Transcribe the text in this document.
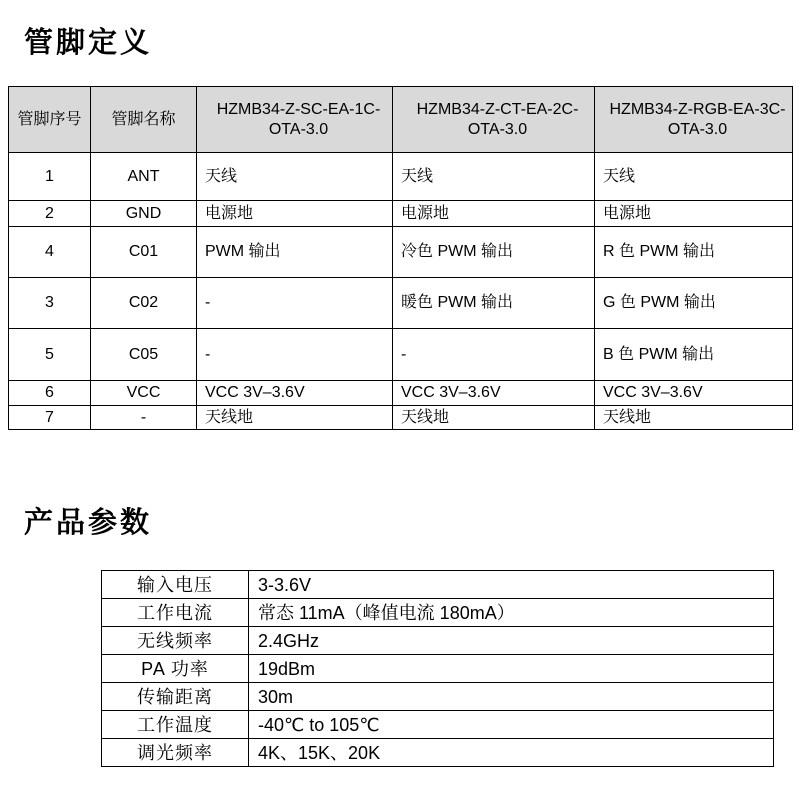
管脚定义
管脚序号	管脚名称	HZMB34-Z-SC-EA-1C-OTA-3.0	HZMB34-Z-CT-EA-2C-OTA-3.0	HZMB34-Z-RGB-EA-3C-OTA-3.0
1	ANT	天线	天线	天线
2	GND	电源地	电源地	电源地
4	C01	PWM 输出	冷色 PWM 输出	R 色 PWM 输出
3	C02	-	暖色 PWM 输出	G 色 PWM 输出
5	C05	-	-	B 色 PWM 输出
6	VCC	VCC 3V–3.6V	VCC 3V–3.6V	VCC 3V–3.6V
7	-	天线地	天线地	天线地
产品参数
输入电压	3-3.6V
工作电流	常态 11mA（峰值电流 180mA）
无线频率	2.4GHz
PA 功率	19dBm
传输距离	30m
工作温度	-40℃ to 105℃
调光频率	4K、15K、20K
